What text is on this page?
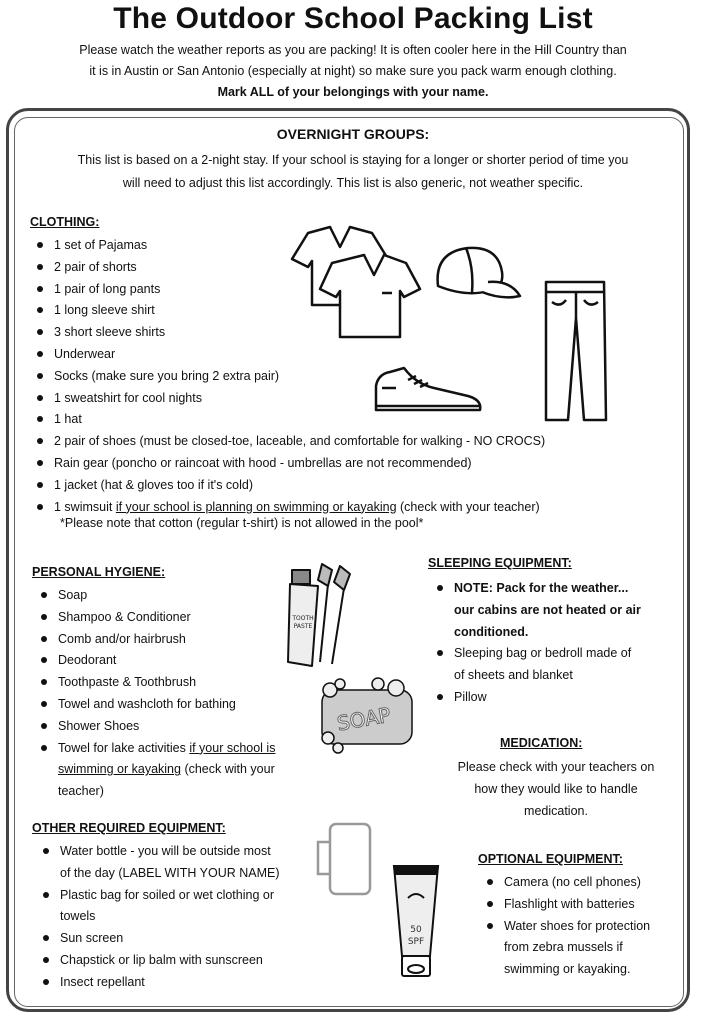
The Outdoor School Packing List
Please watch the weather reports as you are packing! It is often cooler here in the Hill Country than
it is in Austin or San Antonio (especially at night) so make sure you pack warm enough clothing.
Mark ALL of your belongings with your name.
OVERNIGHT GROUPS:
This list is based on a 2-night stay. If your school is staying for a longer or shorter period of time you
will need to adjust this list accordingly. This list is also generic, not weather specific.
CLOTHING:
1 set of Pajamas
2 pair of shorts
1 pair of long pants
1 long sleeve shirt
3 short sleeve shirts
Underwear
Socks (make sure you bring 2 extra pair)
1 sweatshirt for cool nights
1 hat
2 pair of shoes (must be closed-toe, laceable, and comfortable for walking - NO CROCS)
Rain gear (poncho or raincoat with hood - umbrellas are not recommended)
1 jacket (hat & gloves too if it's cold)
1 swimsuit if your school is planning on swimming or kayaking (check with your teacher)
*Please note that cotton (regular t-shirt) is not allowed in the pool*
PERSONAL HYGIENE:
Soap
Shampoo & Conditioner
Comb and/or hairbrush
Deodorant
Toothpaste & Toothbrush
Towel and washcloth for bathing
Shower Shoes
Towel for lake activities if your school is
swimming or kayaking (check with your
teacher)
TOOTH
PASTE
SOAP
SLEEPING EQUIPMENT:
NOTE: Pack for the weather...
our cabins are not heated or air
conditioned.
Sleeping bag or bedroll made of
of sheets and blanket
Pillow
MEDICATION:
Please check with your teachers on
how they would like to handle
medication.
OTHER REQUIRED EQUIPMENT:
Water bottle - you will be outside most
of the day (LABEL WITH YOUR NAME)
Plastic bag for soiled or wet clothing or
towels
Sun screen
Chapstick or lip balm with sunscreen
Insect repellant
OPTIONAL EQUIPMENT:
Camera (no cell phones)
Flashlight with batteries
Water shoes for protection
from zebra mussels if
swimming or kayaking.
50
SPF
